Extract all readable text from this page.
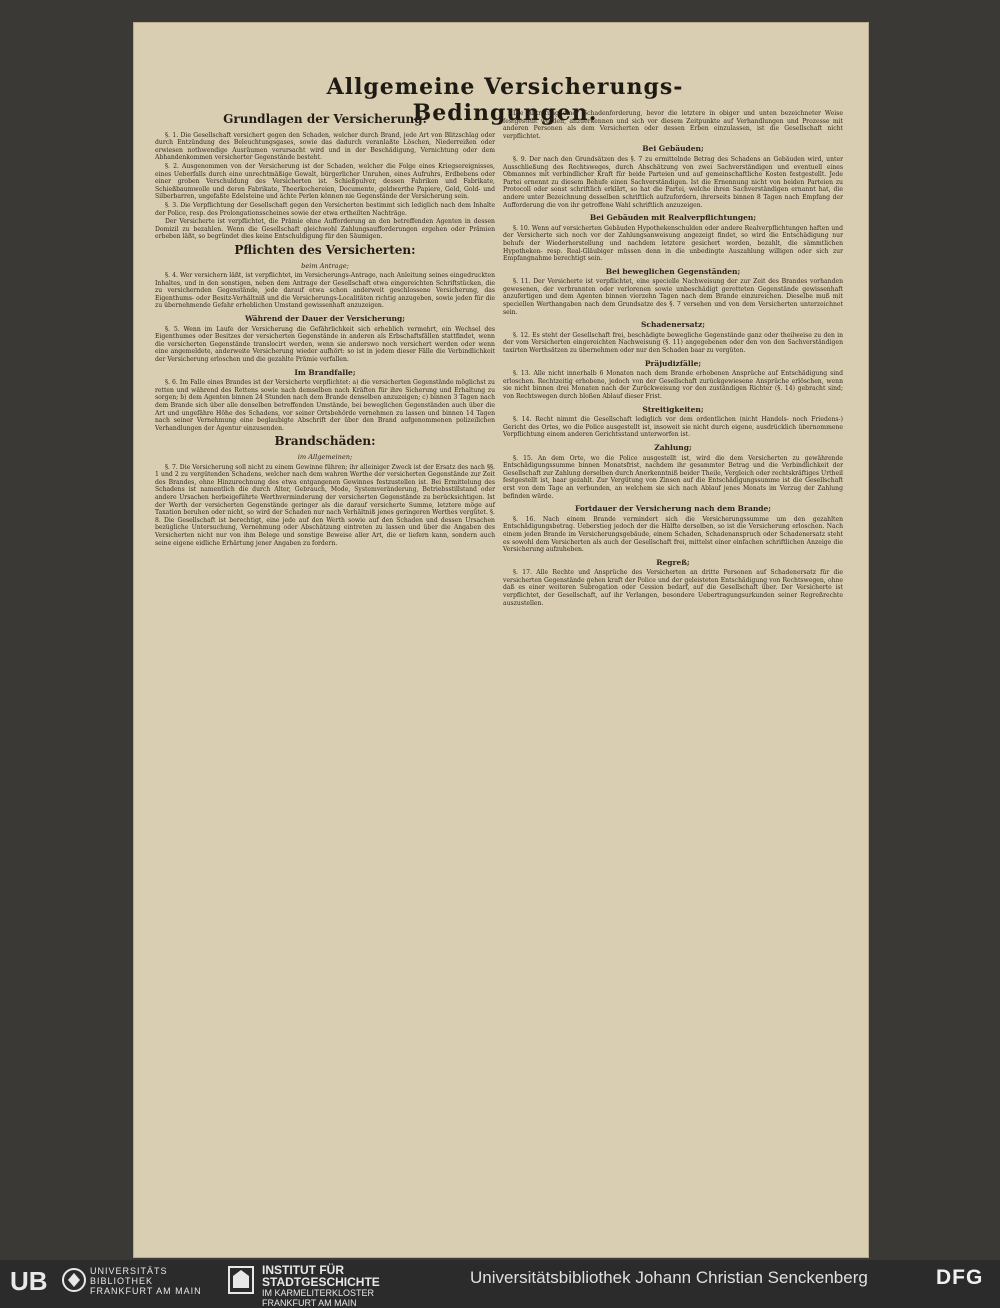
Allgemeine Versicherungs-Bedingungen.
Grundlagen der Versicherung.
§. 1. Die Gesellschaft versichert gegen den Schaden, welcher durch Brand, jede Art von Blitzschlag oder durch Entzündung des Beleuchtungsgases, sowie das dadurch veranlaßte Löschen, Niederreißen oder erwiesen nothwendige Ausräumen verursacht wird und in der Beschädigung, Vernichtung oder dem Abhandenkommen versicherter Gegenstände besteht.
§. 2. Ausgenommen von der Versicherung ist der Schaden, welcher die Folge eines Kriegsereignisses, eines Ueberfalls durch eine unrechtmäßige Gewalt, bürgerlicher Unruhen, eines Aufruhrs, Erdbebens oder einer groben Verschuldung des Versicherten ist. Schießpulver, dessen Fabriken und Fabrikate, Schießbaumwolle und deren Fabrikate, Theerkochereien, Documente, geldwerthe Papiere, Geld, Gold- und Silberbarren, ungefaßte Edelsteine und ächte Perlen können nie Gegenstände der Versicherung sein.
§. 3. Die Verpflichtung der Gesellschaft gegen den Versicherten bestimmt sich lediglich nach dem Inhalte der Police, resp. des Prolongationsscheines sowie der etwa ertheilten Nachträge.
Der Versicherte ist verpflichtet, die Prämie ohne Aufforderung an den betreffenden Agenten in dessen Domizil zu bezahlen. Wenn die Gesellschaft gleichwohl Zahlungsaufforderungen ergehen oder Prämien erheben läßt, so begründet dies keine Entschuldigung für den Säumigen.
Pflichten des Versicherten:
beim Antrage;
§. 4. Wer versichern läßt, ist verpflichtet, im Versicherungs-Antrage, nach Anleitung seines eingedruckten Inhaltes, und in den sonstigen, neben dem Antrage der Gesellschaft etwa eingereichten Schriftstücken, die zu versichernden Gegenstände, jede darauf etwa schon anderweit geschlossene Versicherung, das Eigenthums- oder Besitz-Verhältniß und die Versicherungs-Localitäten richtig anzugeben, sowie jeden für die zu übernehmende Gefahr erheblichen Umstand gewissenhaft anzuzeigen.
Während der Dauer der Versicherung;
§. 5. Wenn im Laufe der Versicherung die Gefährlichkeit sich erheblich vermehrt, ein Wechsel des Eigenthumes oder Besitzes der versicherten Gegenstände in anderen als Erbschaftsfällen stattfindet, wenn die versicherten Gegenstände translocirt werden, wenn sie anderswo noch versichert werden oder wenn eine angemeldete, anderweite Versicherung wieder aufhört: so ist in jedem dieser Fälle die Verbindlichkeit der Versicherung erloschen und die gezahlte Prämie verfallen.
Im Brandfalle;
§. 6. Im Falle eines Brandes ist der Versicherte verpflichtet: a) die versicherten Gegenstände möglichst zu retten und während des Rettens sowie nach demselben nach Kräften für ihre Sicherung und Erhaltung zu sorgen; b) dem Agenten binnen 24 Stunden nach dem Brande denselben anzuzeigen; c) binnen 3 Tagen nach dem Brande sich über alle denselben betreffenden Umstände, bei beweglichen Gegenständen auch über die Art und ungefähre Höhe des Schadens, vor seiner Ortsbehörde vernehmen zu lassen und binnen 14 Tagen nach seiner Vernehmung eine beglaubigte Abschrift der über den Brand aufgenommenen polizeilichen Verhandlungen der Agentur einzusenden.
Brandschäden:
im Allgemeinen;
§. 7. Die Versicherung soll nicht zu einem Gewinne führen; ihr alleiniger Zweck ist der Ersatz des nach §§. 1 und 2 zu vergütenden Schadens, welcher nach dem wahren Werthe der versicherten Gegenstände zur Zeit des Brandes, ohne Hinzurechnung des etwa entgangenen Gewinnes festzustellen ist. Bei Ermittelung des Schadens ist namentlich die durch Alter, Gebrauch, Mode, Systemveränderung, Betriebsstillstand oder andere Ursachen herbeigeführte Werthverminderung der versicherten Gegenstände zu berücksichtigen. Ist der Werth der versicherten Gegenstände geringer als die darauf versicherte Summe, letztere möge auf Taxation beruhen oder nicht, so wird der Schaden nur nach Verhältniß jenes geringeren Werthes vergütet. §. 8. Die Gesellschaft ist berechtigt, eine jede auf den Werth sowie auf den Schaden und dessen Ursachen bezügliche Untersuchung, Vernehmung oder Abschätzung eintreten zu lassen und über die Angaben des Versicherten nicht nur von ihm Belege und sonstige Beweise aller Art, die er liefern kann, sondern auch seine eigene eidliche Erhärtung jener Angaben zu fordern.
Die Abtretung einer Schadenforderung, bevor die letztere in obiger und unten bezeichneter Weise festgestellt worden, anzuerkennen und sich vor diesem Zeitpunkte auf Verhandlungen und Prozesse mit anderen Personen als dem Versicherten oder dessen Erben einzulassen, ist die Gesellschaft nicht verpflichtet.
Bei Gebäuden;
§. 9. Der nach den Grundsätzen des §. 7 zu ermittelnde Betrag des Schadens an Gebäuden wird, unter Ausschließung des Rechtsweges, durch Abschätzung von zwei Sachverständigen und eventuell eines Obmannes mit verbindlicher Kraft für beide Parteien und auf gemeinschaftliche Kosten festgestellt. Jede Partei ernennt zu diesem Behufe einen Sachverständigen. Ist die Ernennung nicht von beiden Parteien zu Protocoll oder sonst schriftlich erklärt, so hat die Partei, welche ihren Sachverständigen ernannt hat, die andere unter Bezeichnung desselben schriftlich aufzufordern, ihrerseits binnen 8 Tagen nach Empfang der Aufforderung die von ihr getroffene Wahl schriftlich anzuzeigen.
Bei Gebäuden mit Realverpflichtungen;
§. 10. Wenn auf versicherten Gebäuden Hypothekenschulden oder andere Realverpflichtungen haften und der Versicherte sich noch vor der Zahlungsanweisung angezeigt findet, so wird die Entschädigung nur behufs der Wiederherstellung und nachdem letztere gesichert worden, bezahlt, die sämmtlichen Hypotheken- resp. Real-Gläubiger müssen denn in die unbedingte Auszahlung willigen oder sich zur Empfangnahme berechtigt sein.
Bei beweglichen Gegenständen;
§. 11. Der Versicherte ist verpflichtet, eine specielle Nachweisung der zur Zeit des Brandes vorhanden gewesenen, der verbrannten oder verlorenen sowie unbeschädigt geretteten Gegenstände gewissenhaft anzufertigen und dem Agenten binnen vierzehn Tagen nach dem Brande einzureichen. Dieselbe muß mit speciellen Werthangaben nach dem Grundsatze des §. 7 versehen und von dem Versicherten unterzeichnet sein.
Schadenersatz;
§. 12. Es steht der Gesellschaft frei, beschädigte bewegliche Gegenstände ganz oder theilweise zu den in der vom Versicherten eingereichten Nachweisung (§. 11) angegebenen oder den von den Sachverständigen taxirten Werthsätzen zu übernehmen oder nur den Schaden baar zu vergüten.
Präjudizfälle;
§. 13. Alle nicht innerhalb 6 Monaten nach dem Brande erhobenen Ansprüche auf Entschädigung sind erloschen. Rechtzeitig erhobene, jedoch von der Gesellschaft zurückgewiesene Ansprüche erlöschen, wenn sie nicht binnen drei Monaten nach der Zurückweisung vor den zuständigen Richter (§. 14) gebracht sind; von Rechtswegen durch bloßen Ablauf dieser Frist.
Streitigkeiten;
§. 14. Recht nimmt die Gesellschaft lediglich vor dem ordentlichen (nicht Handels- noch Friedens-) Gericht des Ortes, wo die Police ausgestellt ist, insoweit sie nicht durch eigene, ausdrücklich übernommene Verpflichtung einem anderen Gerichtsstand unterworfen ist.
Zahlung;
§. 15. An dem Orte, wo die Police ausgestellt ist, wird die dem Versicherten zu gewährende Entschädigungssumme binnen Monatsfrist, nachdem ihr gesammter Betrag und die Verbindlichkeit der Gesellschaft zur Zahlung derselben durch Anerkenntniß beider Theile, Vergleich oder rechtskräftiges Urtheil festgestellt ist, baar gezahlt. Zur Vergütung von Zinsen auf die Entschädigungssumme ist die Gesellschaft erst von dem Tage an verbunden, an welchem sie sich nach Ablauf jenes Monats im Verzug der Zahlung befinden würde.
Fortdauer der Versicherung nach dem Brande;
§. 16. Nach einem Brande vermindert sich die Versicherungssumme um den gezahlten Entschädigungsbetrag. Ueberstieg jedoch der die Hälfte derselben, so ist die Versicherung erloschen. Nach einem jeden Brande im Versicherungsgebäude, einem Schaden, Schadenanspruch oder Schadenersatz steht es sowohl dem Versicherten als auch der Gesellschaft frei, mittelst einer einfachen schriftlichen Anzeige die Versicherung aufzuheben.
Regreß;
§. 17. Alle Rechte und Ansprüche des Versicherten an dritte Personen auf Schadenersatz für die versicherten Gegenstände gehen kraft der Police und der geleisteten Entschädigung von Rechtswegen, ohne daß es einer weiteren Subrogation oder Cession bedarf, auf die Gesellschaft über. Der Versicherte ist verpflichtet, der Gesellschaft, auf ihr Verlangen, besondere Uebertragungsurkunden seiner Regreßrechte auszustellen.
UB	UNIVERSITÄTS
BIBLIOTHEK
FRANKFURT AM MAIN
INSTITUT FÜR
STADTGESCHICHTE
IM KARMELITERKLOSTER
FRANKFURT AM MAIN
Universitätsbibliothek Johann Christian Senckenberg	DFG
